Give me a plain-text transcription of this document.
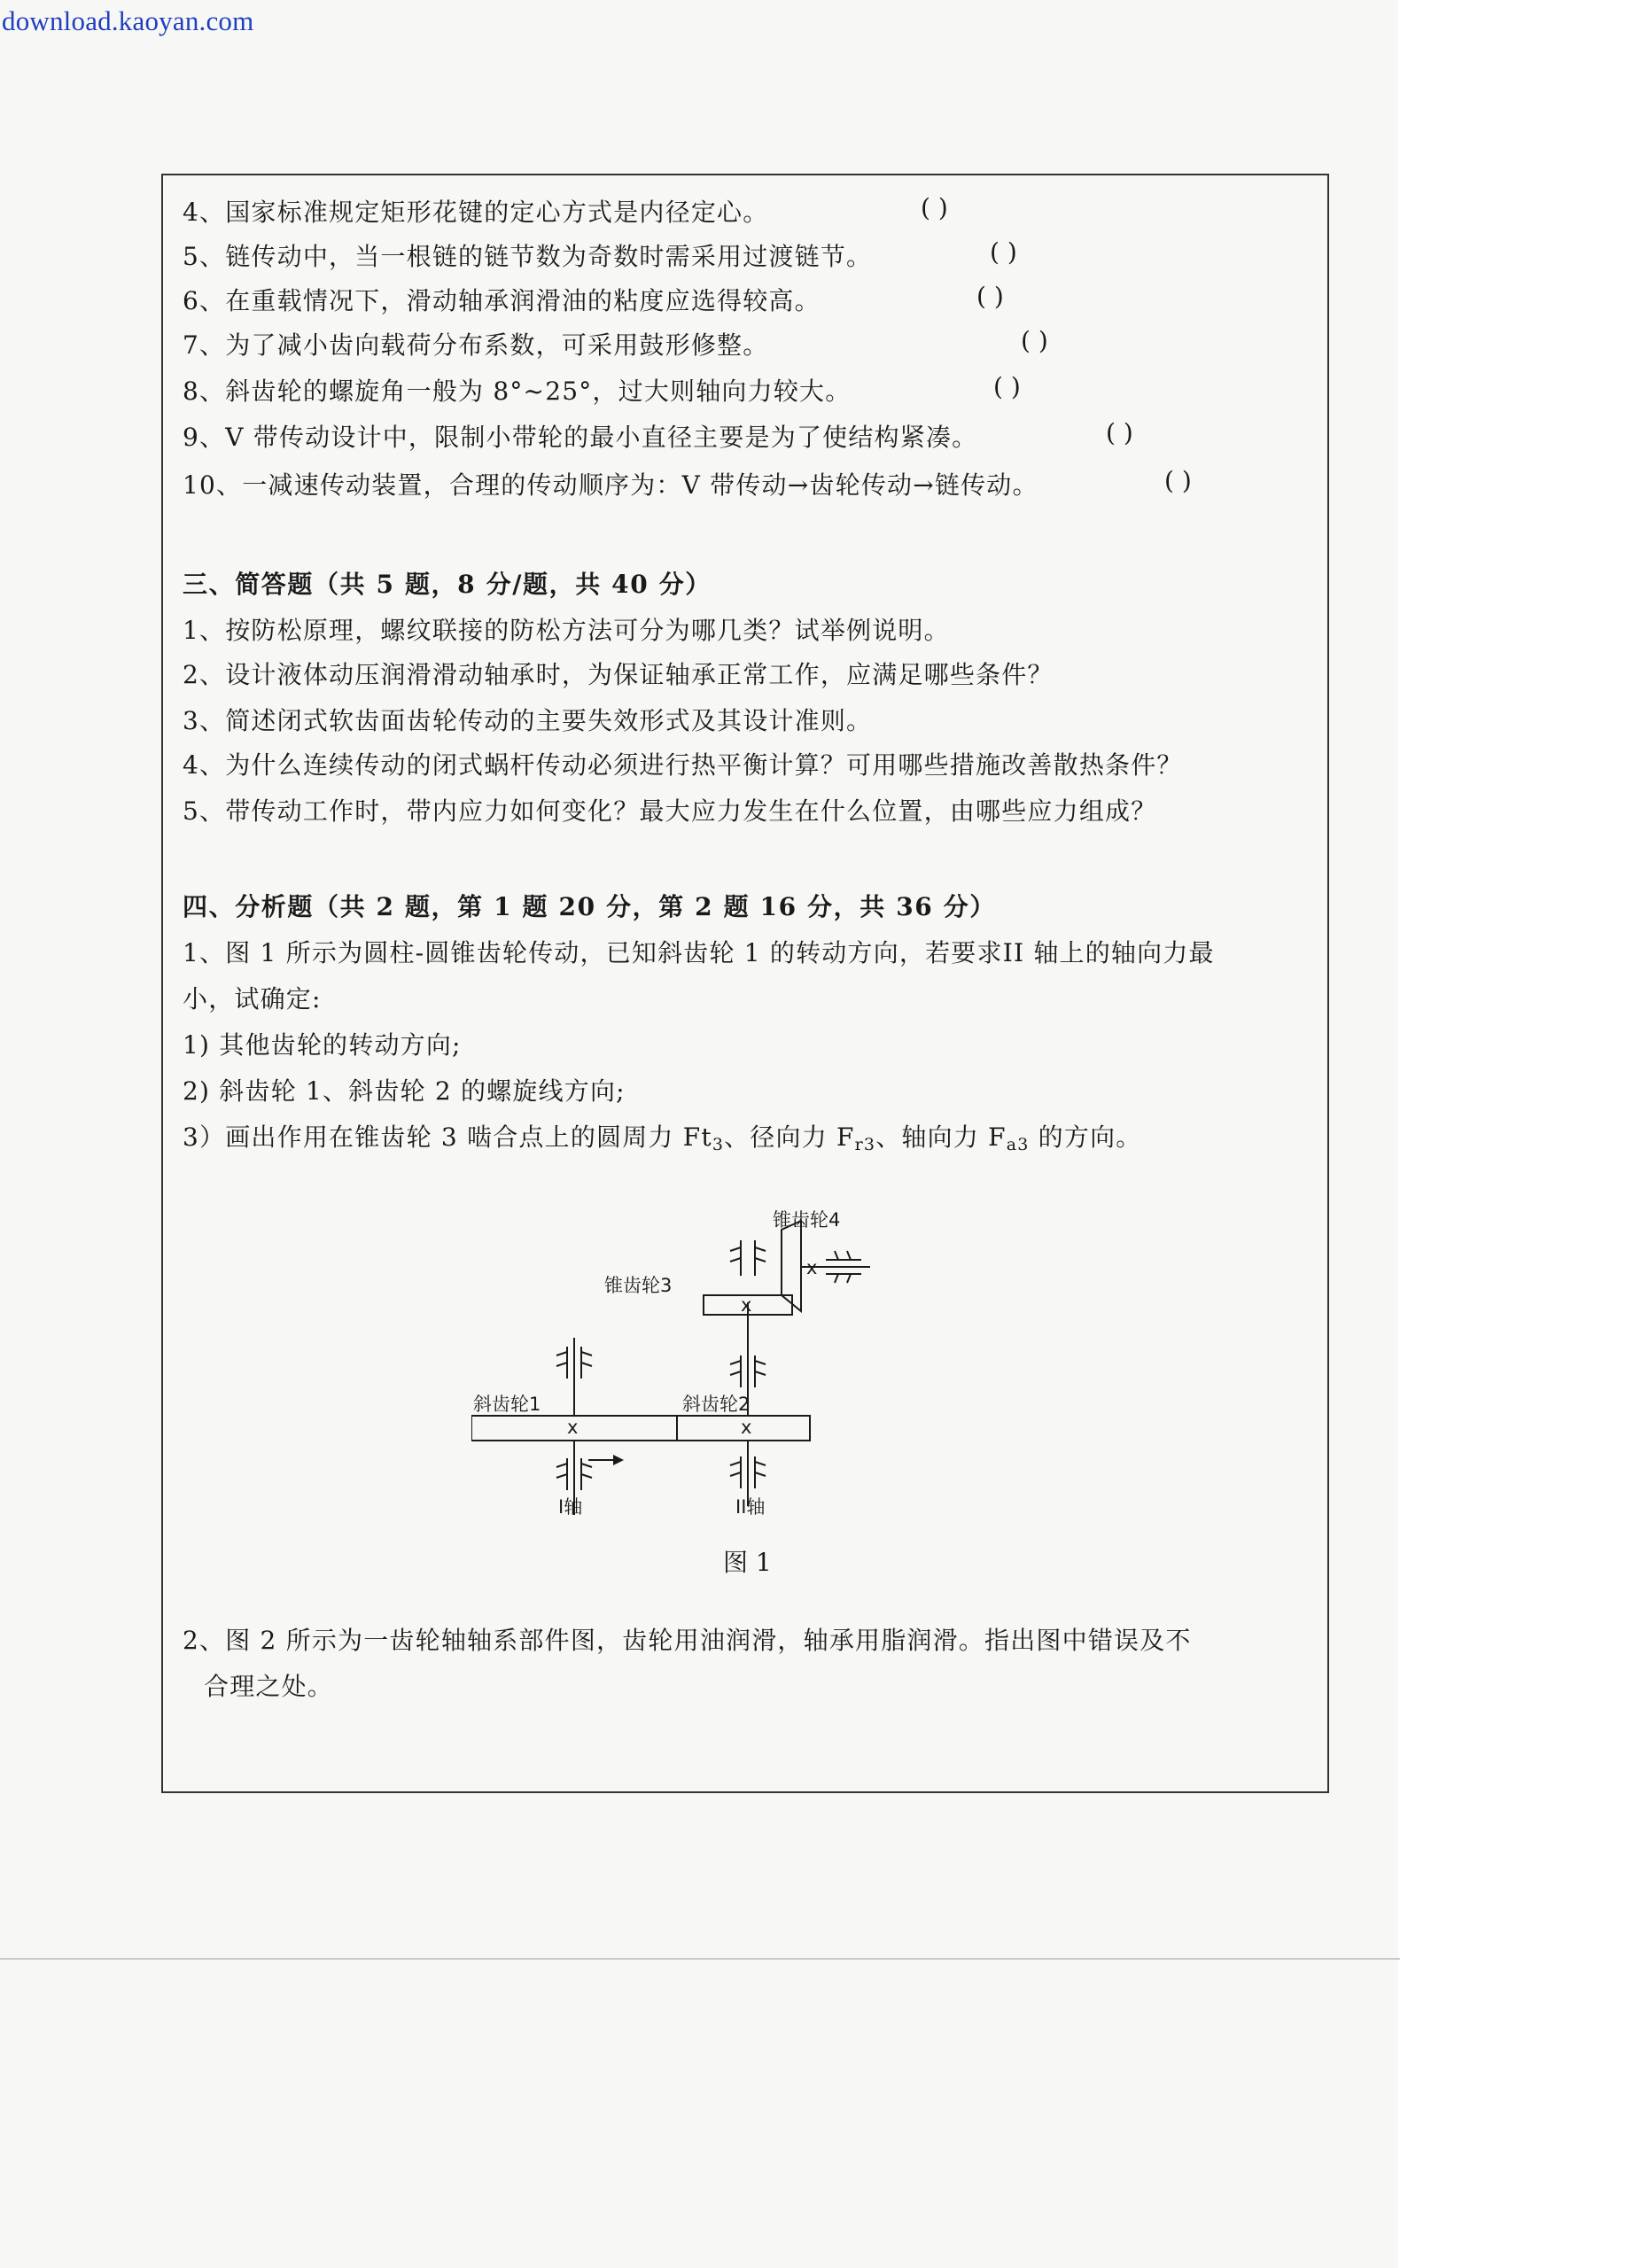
download.kaoyan.com
4、国家标准规定矩形花键的定心方式是内径定心。	( )
5、链传动中，当一根链的链节数为奇数时需采用过渡链节。	( )
6、在重载情况下，滑动轴承润滑油的粘度应选得较高。	( )
7、为了减小齿向载荷分布系数，可采用鼓形修整。	( )
8、斜齿轮的螺旋角一般为 8°~25°，过大则轴向力较大。	( )
9、V 带传动设计中，限制小带轮的最小直径主要是为了使结构紧凑。	( )
10、一减速传动装置，合理的传动顺序为：V 带传动→齿轮传动→链传动。	( )
三、简答题（共 5 题，8 分/题，共 40 分）
1、按防松原理，螺纹联接的防松方法可分为哪几类？试举例说明。
2、设计液体动压润滑滑动轴承时，为保证轴承正常工作，应满足哪些条件？
3、简述闭式软齿面齿轮传动的主要失效形式及其设计准则。
4、为什么连续传动的闭式蜗杆传动必须进行热平衡计算？可用哪些措施改善散热条件？
5、带传动工作时，带内应力如何变化？最大应力发生在什么位置，由哪些应力组成？
四、分析题（共 2 题，第 1 题 20 分，第 2 题 16 分，共 36 分）
1、图 1 所示为圆柱-圆锥齿轮传动，已知斜齿轮 1 的转动方向，若要求II 轴上的轴向力最
小，试确定:
1) 其他齿轮的转动方向;
2) 斜齿轮 1、斜齿轮 2 的螺旋线方向;
3）画出作用在锥齿轮 3 啮合点上的圆周力 $Ft_3$、径向力 $F_{r3}$、轴向力 $F_{a3}$ 的方向。
x	x
x
x
锥齿轮4
锥齿轮3
斜齿轮1	斜齿轮2
I轴	II轴
图 1
2、图 2 所示为一齿轮轴轴系部件图，齿轮用油润滑，轴承用脂润滑。指出图中错误及不
合理之处。
